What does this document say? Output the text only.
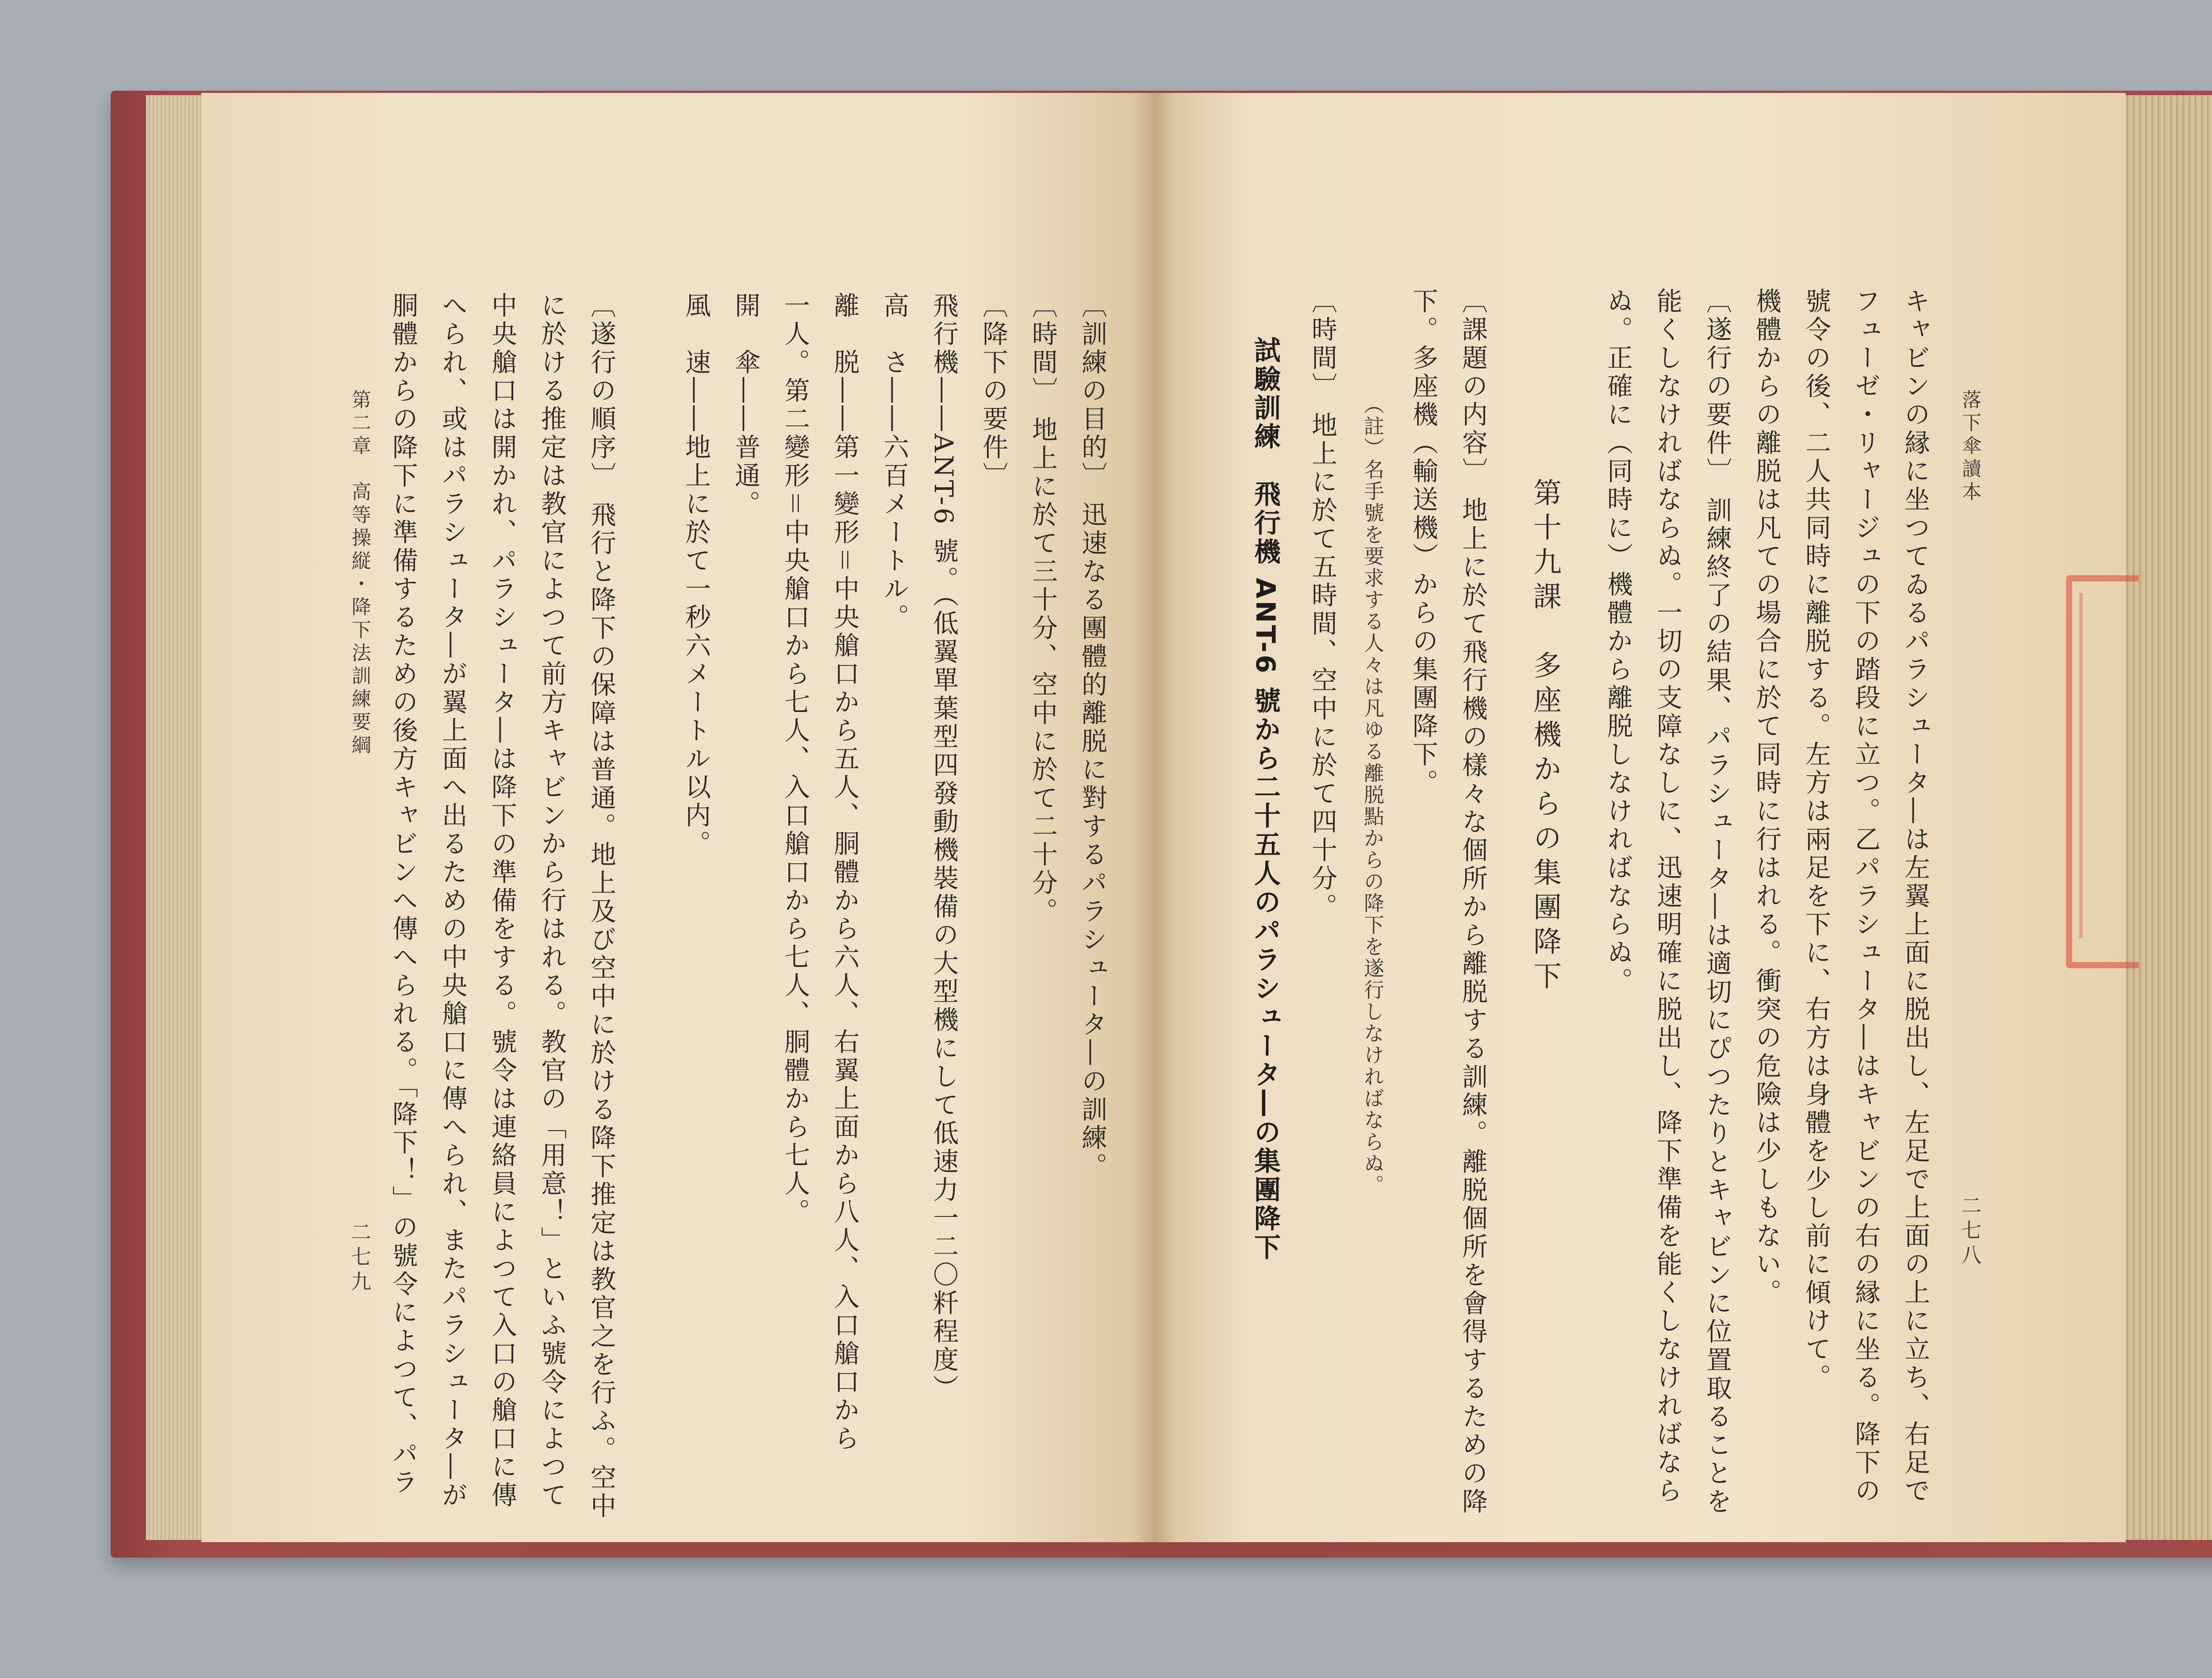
〔訓練の目的〕 迅速なる團體的離脱に對するパラシュータ―の訓練。
〔時間〕 地上に於て三十分、空中に於て二十分。
〔降下の要件〕
飛行機――ANT-6 號。（低翼單葉型四發動機裝備の大型機にして低速力一二〇粁程度）
高　さ――六百メートル。
離　脱――第一變形＝中央艙口から五人、胴體から六人、右翼上面から八人、入口艙口から
一人。第二變形＝中央艙口から七人、入口艙口から七人、胴體から七人。
開　傘――普通。
風　速――地上に於て一秒六メートル以内。
〔遂行の順序〕 飛行と降下の保障は普通。地上及び空中に於ける降下推定は教官之を行ふ。空中
に於ける推定は教官によつて前方キャビンから行はれる。教官の「用意！」といふ號令によつて
中央艙口は開かれ、パラシュータ―は降下の準備をする。號令は連絡員によつて入口の艙口に傳
へられ、或はパラシュータ―が翼上面へ出るための中央艙口に傳へられ、またパラシュータ―が
胴體からの降下に準備するための後方キャビンへ傳へられる。「降下！」の號令によつて、パラ
第二章　高等操縦・降下法訓練要綱
二七九
落下傘讀本
二七八
キャビンの縁に坐つてゐるパラシュータ―は左翼上面に脱出し、左足で上面の上に立ち、右足で
フューゼ・リャージュの下の踏段に立つ。乙パラシュータ―はキャビンの右の縁に坐る。降下の
號令の後、二人共同時に離脱する。左方は兩足を下に、右方は身體を少し前に傾けて。
機體からの離脱は凡ての場合に於て同時に行はれる。衝突の危險は少しもない。
〔遂行の要件〕 訓練終了の結果、パラシュータ―は適切にぴつたりとキャビンに位置取ることを
能くしなければならぬ。一切の支障なしに、迅速明確に脱出し、降下準備を能くしなければなら
ぬ。正確に（同時に）機體から離脱しなければならぬ。
第十九課　多座機からの集團降下
〔課題の内容〕 地上に於て飛行機の樣々な個所から離脱する訓練。離脱個所を會得するための降
下。多座機（輸送機）からの集團降下。
（註）名手號を要求する人々は凡ゆる離脱點からの降下を遂行しなければならぬ。
〔時間〕 地上に於て五時間、空中に於て四十分。
試驗訓練　飛行機 ANT-6 號から二十五人のパラシュータ―の集團降下
